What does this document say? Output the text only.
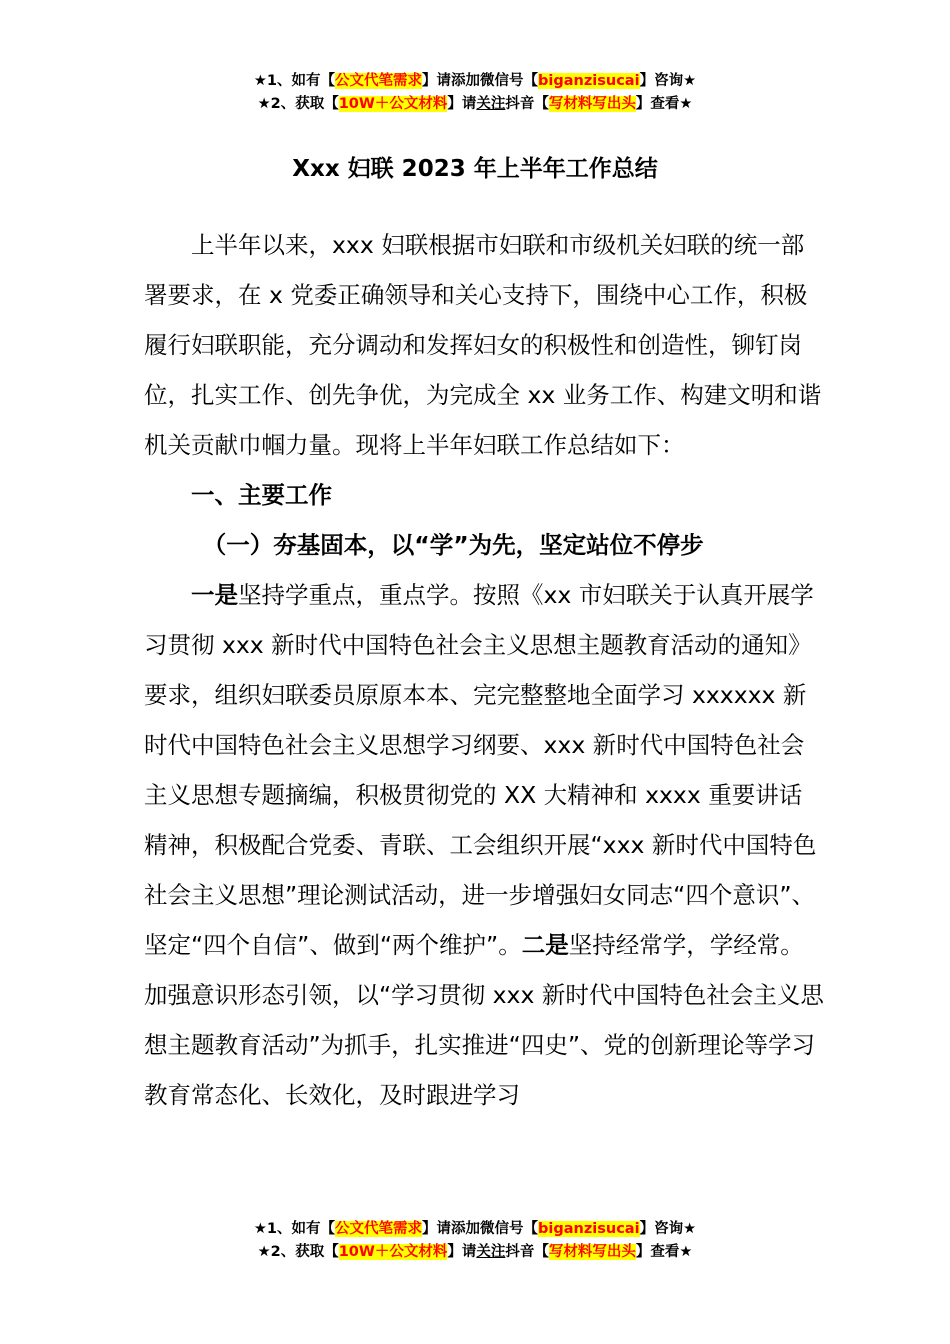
★1、如有【公文代笔需求】请添加微信号【biganzisucai】咨询★
★2、获取【10W＋公文材料】请关注抖音【写材料写出头】查看★
Xxx 妇联 2023 年上半年工作总结

上半年以来，xxx 妇联根据市妇联和市级机关妇联的统一部署要求，在 x 党委正确领导和关心支持下，围绕中心工作，积极履行妇联职能，充分调动和发挥妇女的积极性和创造性，铆钉岗位，扎实工作、创先争优，为完成全 xx 业务工作、构建文明和谐机关贡献巾帼力量。现将上半年妇联工作总结如下：

一、主要工作

（一）夯基固本，以“学”为先，坚定站位不停步

一是坚持学重点，重点学。按照《xx 市妇联关于认真开展学习贯彻 xxx 新时代中国特色社会主义思想主题教育活动的通知》要求，组织妇联委员原原本本、完完整整地全面学习 xxxxxx 新时代中国特色社会主义思想学习纲要、xxx 新时代中国特色社会主义思想专题摘编，积极贯彻党的 XX 大精神和 xxxx 重要讲话精神，积极配合党委、青联、工会组织开展“xxx 新时代中国特色社会主义思想”理论测试活动，进一步增强妇女同志“四个意识”、坚定“四个自信”、做到“两个维护”。二是坚持经常学，学经常。加强意识形态引领，以“学习贯彻 xxx 新时代中国特色社会主义思想主题教育活动”为抓手，扎实推进“四史”、党的创新理论等学习教育常态化、长效化，及时跟进学习

★1、如有【公文代笔需求】请添加微信号【biganzisucai】咨询★
★2、获取【10W＋公文材料】请关注抖音【写材料写出头】查看★
